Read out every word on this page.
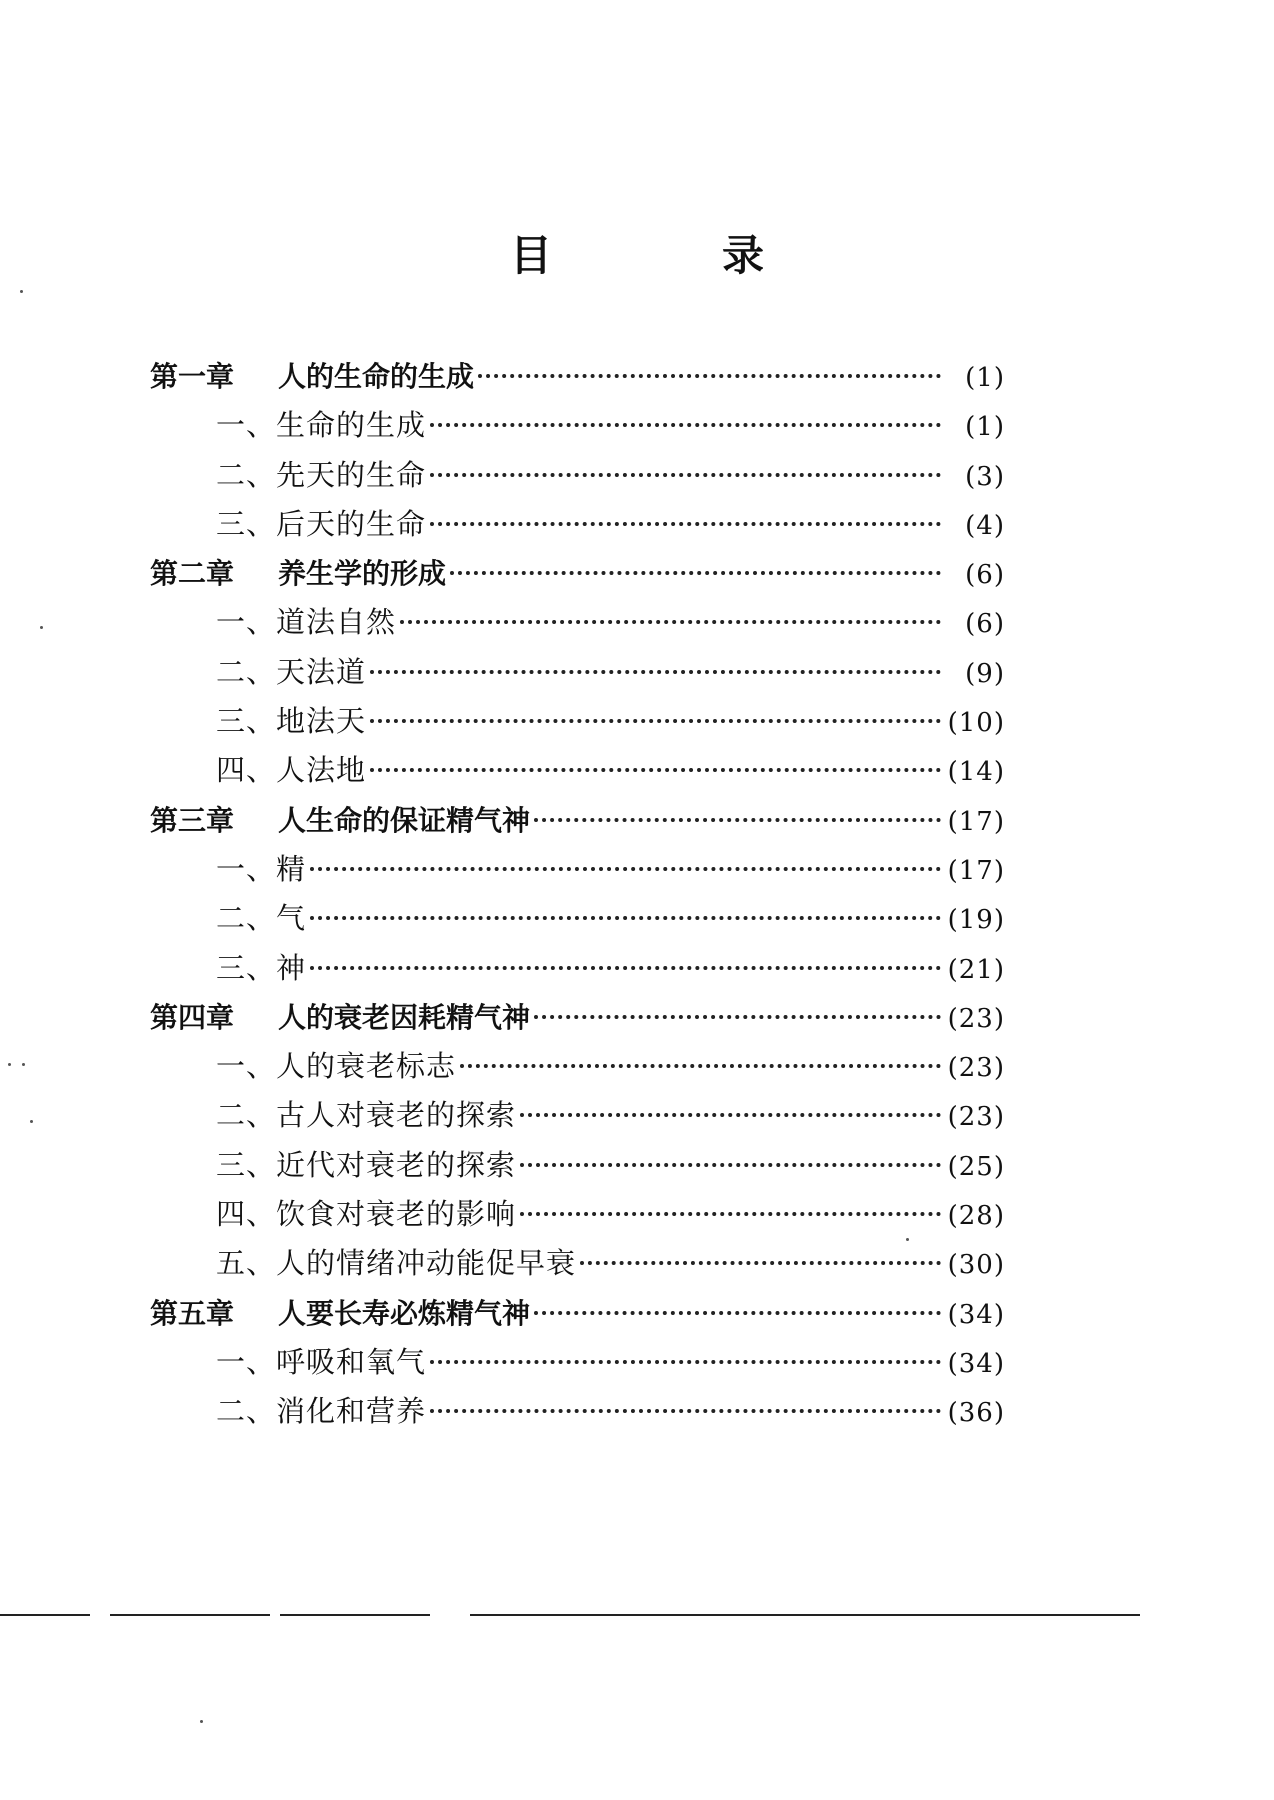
目　录
第一章	人的生命的生成	(1)
一、生命的生成	(1)
二、先天的生命	(3)
三、后天的生命	(4)
第二章	养生学的形成	(6)
一、道法自然	(6)
二、天法道	(9)
三、地法天	(10)
四、人法地	(14)
第三章	人生命的保证精气神	(17)
一、精	(17)
二、气	(19)
三、神	(21)
第四章	人的衰老因耗精气神	(23)
一、人的衰老标志	(23)
二、古人对衰老的探索	(23)
三、近代对衰老的探索	(25)
四、饮食对衰老的影响	(28)
五、人的情绪冲动能促早衰	(30)
第五章	人要长寿必炼精气神	(34)
一、呼吸和氧气	(34)
二、消化和营养	(36)
